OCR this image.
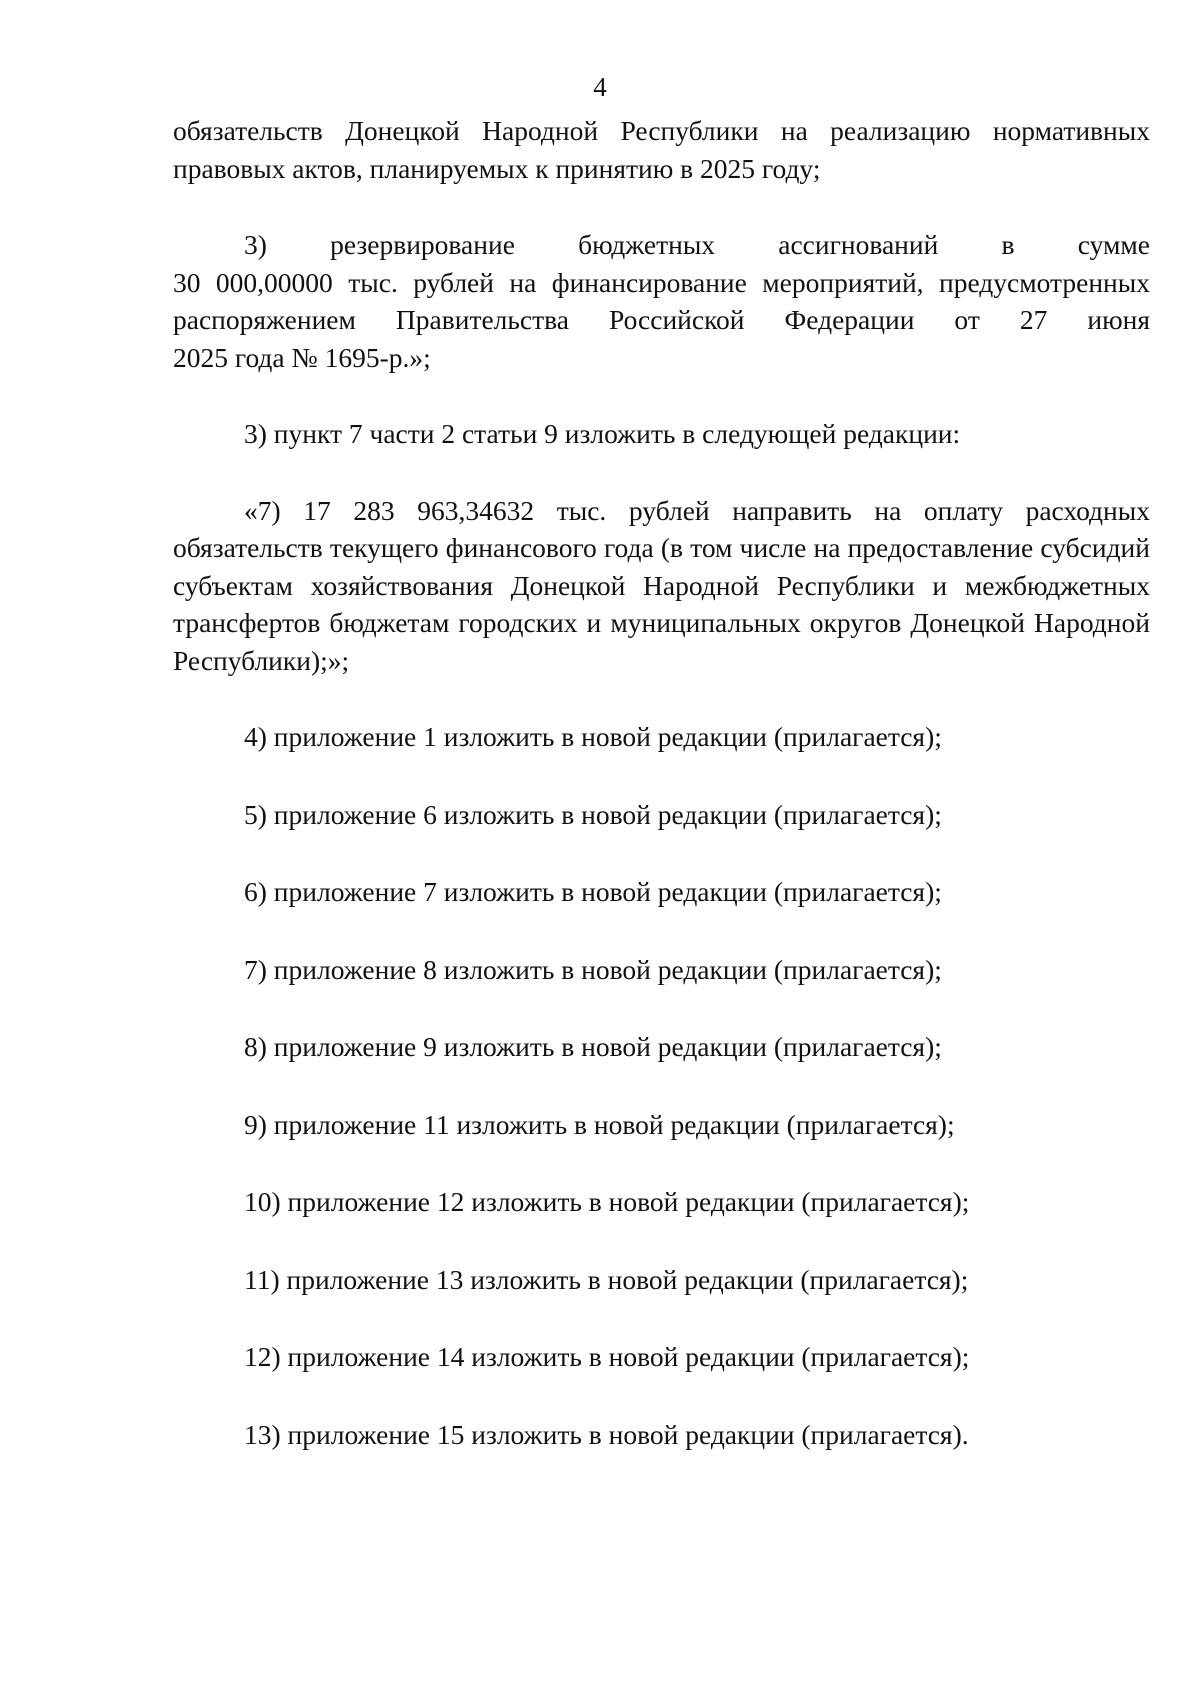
4

обязательств Донецкой Народной Республики на реализацию нормативных правовых актов, планируемых к принятию в 2025 году;

3) резервирование бюджетных ассигнований в сумме
30 000,00000 тыс. рублей на финансирование мероприятий, предусмотренных
распоряжением Правительства Российской Федерации от 27 июня
2025 года № 1695-р.»;

3) пункт 7 части 2 статьи 9 изложить в следующей редакции:

«7) 17 283 963,34632 тыс. рублей направить на оплату расходных обязательств текущего финансового года (в том числе на предоставление субсидий субъектам хозяйствования Донецкой Народной Республики и межбюджетных трансфертов бюджетам городских и муниципальных округов Донецкой Народной Республики);»;

4) приложение 1 изложить в новой редакции (прилагается);
5) приложение 6 изложить в новой редакции (прилагается);
6) приложение 7 изложить в новой редакции (прилагается);
7) приложение 8 изложить в новой редакции (прилагается);
8) приложение 9 изложить в новой редакции (прилагается);
9) приложение 11 изложить в новой редакции (прилагается);
10) приложение 12 изложить в новой редакции (прилагается);
11) приложение 13 изложить в новой редакции (прилагается);
12) приложение 14 изложить в новой редакции (прилагается);
13) приложение 15 изложить в новой редакции (прилагается).
